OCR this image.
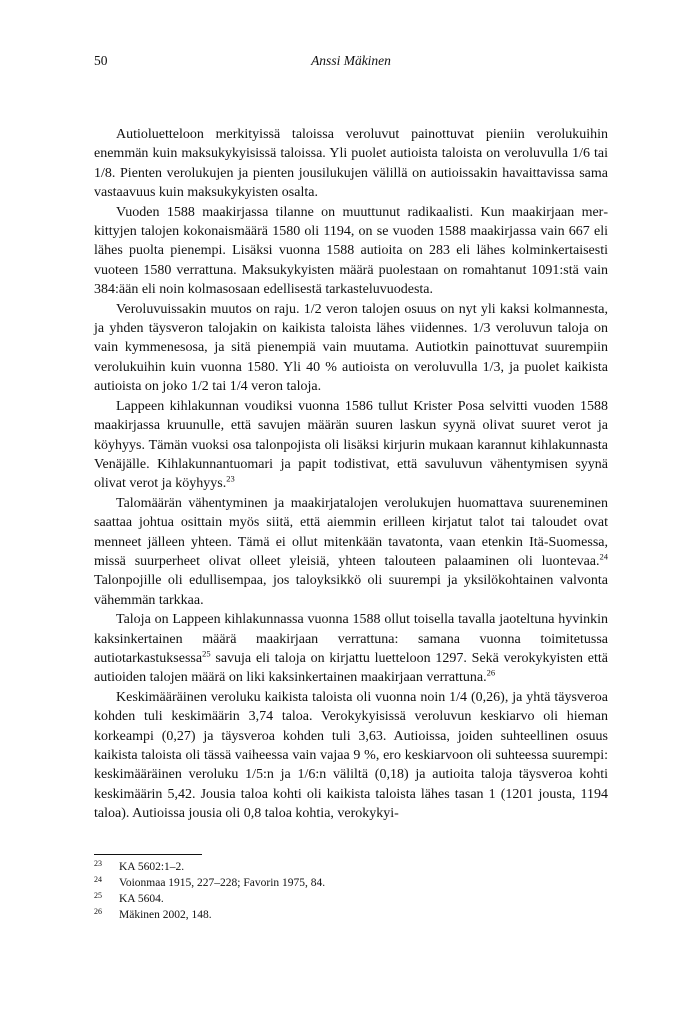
50	Anssi Mäkinen

Autioluetteloon merkityissä taloissa veroluvut painottuvat pieniin verolukuihin enemmän kuin maksukykyisissä taloissa. Yli puolet autioista taloista on veroluvulla 1/6 tai 1/8. Pienten verolukujen ja pienten jousilukujen välillä on autioissakin havaittavissa sama vastaavuus kuin maksukykyisten osalta.

Vuoden 1588 maakirjassa tilanne on muuttunut radikaalisti. Kun maakirjaan merkittyjen talojen kokonaismäärä 1580 oli 1194, on se vuoden 1588 maakirjassa vain 667 eli lähes puolta pienempi. Lisäksi vuonna 1588 autioita on 283 eli lähes kolminkertaisesti vuoteen 1580 verrattuna. Maksukykyisten määrä puolestaan on romahtanut 1091:stä vain 384:ään eli noin kolmasosaan edellisestä tarkasteluvuodesta.

Veroluvuissakin muutos on raju. 1/2 veron talojen osuus on nyt yli kaksi kolmannesta, ja yhden täysveron talojakin on kaikista taloista lähes viidennes. 1/3 veroluvun taloja on vain kymmenesosa, ja sitä pienempiä vain muutama. Autiotkin painottuvat suurempiin verolukuihin kuin vuonna 1580. Yli 40 % autioista on veroluvulla 1/3, ja puolet kaikista autioista on joko 1/2 tai 1/4 veron taloja.

Lappeen kihlakunnan voudiksi vuonna 1586 tullut Krister Posa selvitti vuoden 1588 maakirjassa kruunulle, että savujen määrän suuren laskun syynä olivat suuret verot ja köyhyys. Tämän vuoksi osa talonpojista oli lisäksi kirjurin mukaan karannut kihlakunnasta Venäjälle. Kihlakunnantuomari ja papit todistivat, että savuluvun vähentymisen syynä olivat verot ja köyhyys.$^{23}$

Talomäärän vähentyminen ja maakirjatalojen verolukujen huomattava suureneminen saattaa johtua osittain myös siitä, että aiemmin erilleen kirjatut talot tai taloudet ovat menneet jälleen yhteen. Tämä ei ollut mitenkään tavatonta, vaan etenkin Itä-Suomessa, missä suurperheet olivat olleet yleisiä, yhteen talouteen palaaminen oli luontevaa.$^{24}$ Talonpojille oli edullisempaa, jos taloyksikkö oli suurempi ja yksilökohtainen valvonta vähemmän tarkkaa.

Taloja on Lappeen kihlakunnassa vuonna 1588 ollut toisella tavalla jaoteltuna hyvinkin kaksinkertainen määrä maakirjaan verrattuna: samana vuonna toimitetussa autiotarkastuksessa$^{25}$ savuja eli taloja on kirjattu luetteloon 1297. Sekä verokykyisten että autioiden talojen määrä on liki kaksinkertainen maakirjaan verrattuna.$^{26}$

Keskimääräinen veroluku kaikista taloista oli vuonna noin 1/4 (0,26), ja yhtä täysveroa kohden tuli keskimäärin 3,74 taloa. Verokykyisissä veroluvun keskiarvo oli hieman korkeampi (0,27) ja täysveroa kohden tuli 3,63. Autioissa, joiden suhteellinen osuus kaikista taloista oli tässä vaiheessa vain vajaa 9 %, ero keskiarvoon oli suhteessa suurempi: keskimääräinen veroluku 1/5:n ja 1/6:n väliltä (0,18) ja autioita taloja täysveroa kohti keskimäärin 5,42. Jousia taloa kohti oli kaikista taloista lähes tasan 1 (1201 jousta, 1194 taloa). Autioissa jousia oli 0,8 taloa kohtia, verokykyi-

23 KA 5602:1–2.
24 Voionmaa 1915, 227–228; Favorin 1975, 84.
25 KA 5604.
26 Mäkinen 2002, 148.
